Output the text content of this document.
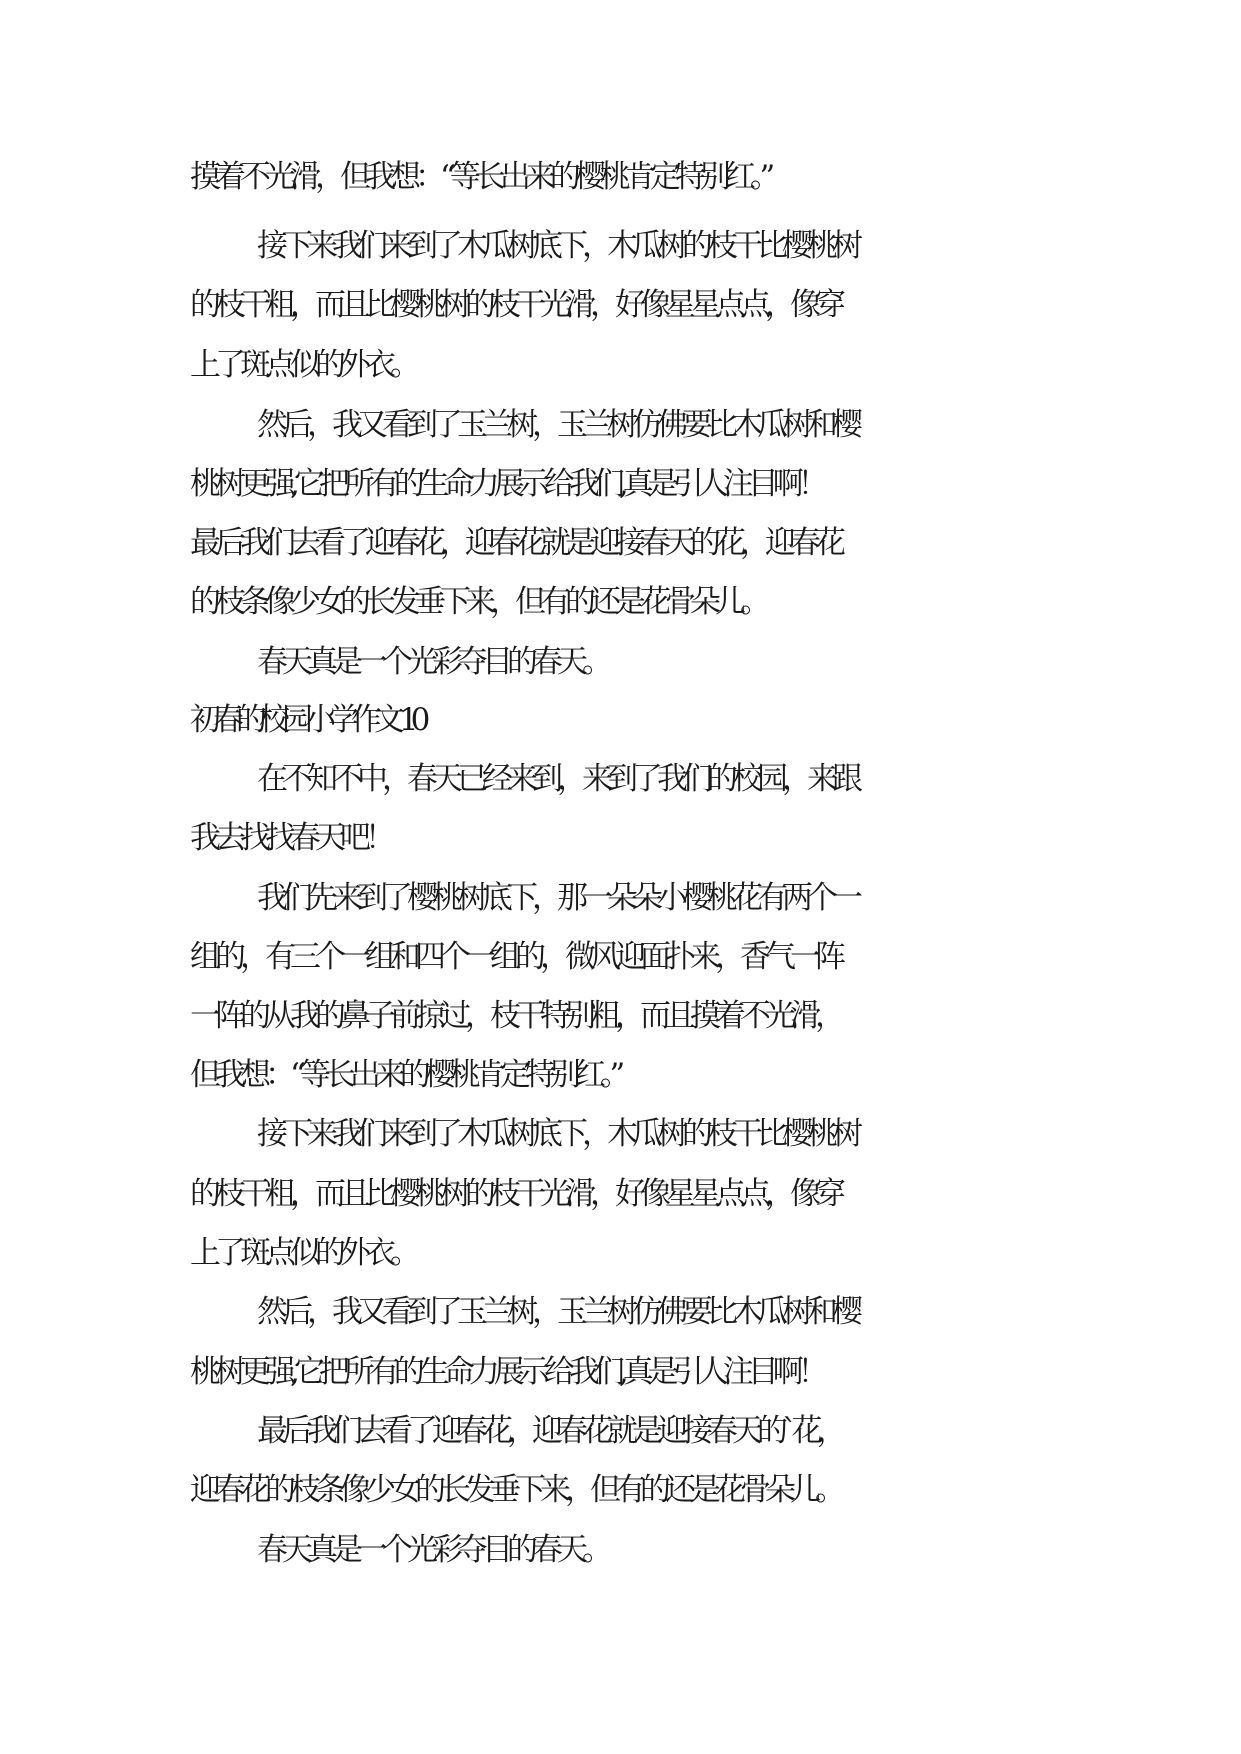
摸着不光滑，但我想：“等长出来的樱桃肯定特别红。”
接下来我们来到了木瓜树底下，木瓜树的枝干比樱桃树
的枝干粗，而且比樱桃树的枝干光滑，好像星星点点，像穿
上了斑点似的外衣。
然后，我又看到了玉兰树，玉兰树仿佛要比木瓜树和樱
桃树更强,它把所有的生命力展示给我们,真是引人注目啊！
最后我们去看了迎春花，迎春花就是迎接春天的花，迎春花
的枝条像少女的长发垂下来，但有的还是花骨朵儿。
春天真是一个光彩夺目的春天。
初春的校园小学作文 10
在不知不中，春天已经来到，来到了我们的校园，来跟
我去找找春天吧！
我们先来到了樱桃树底下，那一朵朵小樱桃花有两个一
组的，有三个一组和四个一组的，微风迎面扑来，香气一阵
一阵的从我的鼻子前掠过，枝干特别粗，而且摸着不光滑，
但我想：“等长出来的樱桃肯定特别红。”
接下来我们来到了木瓜树底下，木瓜树的枝干比樱桃树
的枝干粗，而且比樱桃树的枝干光滑，好像星星点点，像穿
上了斑点似的外衣。
然后，我又看到了玉兰树，玉兰树仿佛要比木瓜树和樱
桃树更强,它把所有的生命力展示给我们,真是引人注目啊！
最后我们去看了迎春花，迎春花就是迎接春天的`花，
迎春花的枝条像少女的长发垂下来，但有的还是花骨朵儿。
春天真是一个光彩夺目的春天。
